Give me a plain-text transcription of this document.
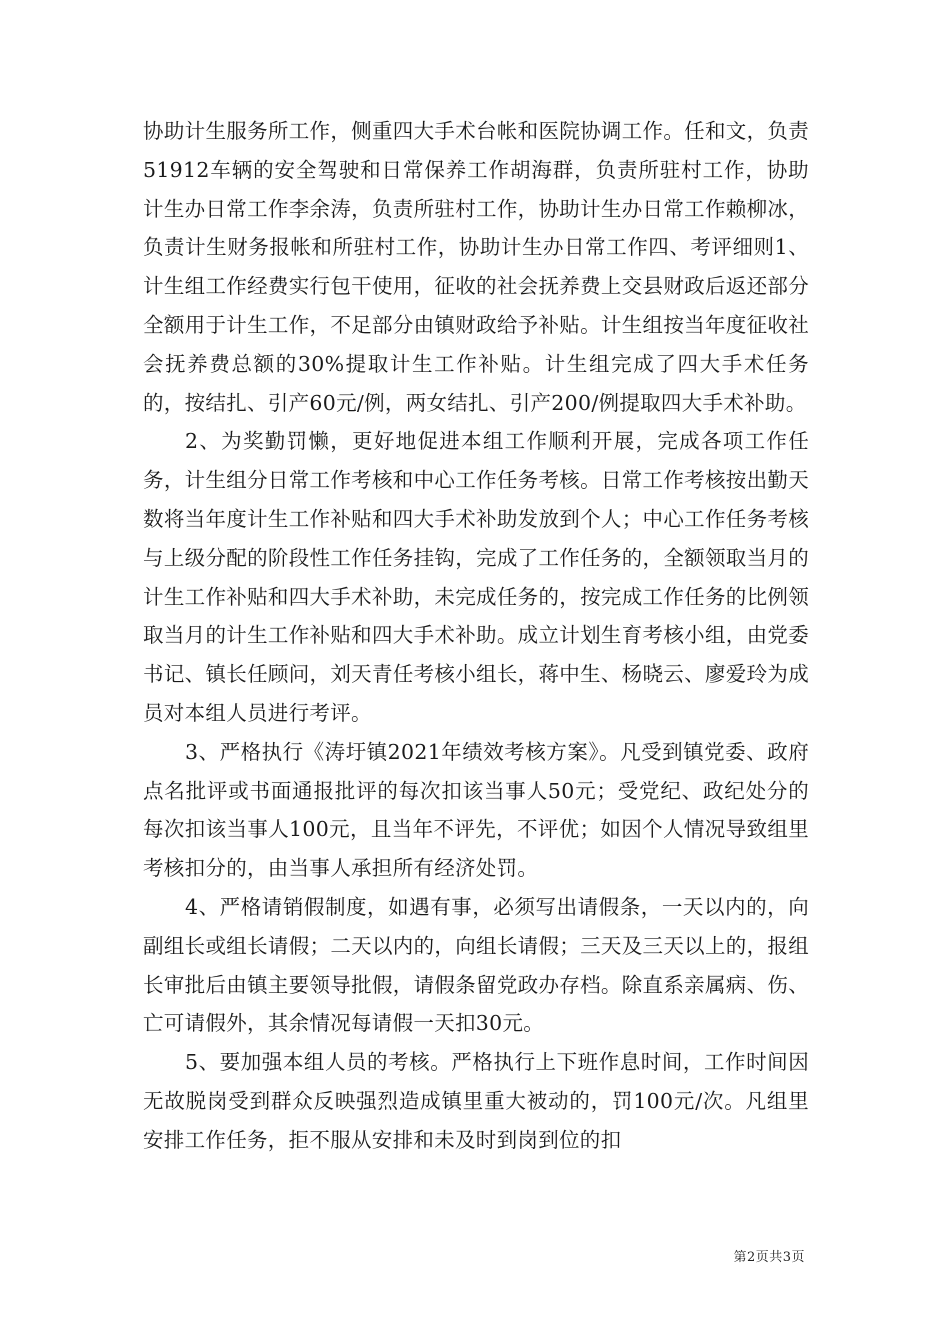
协助计生服务所工作，侧重四大手术台帐和医院协调工作。任和文，负责51912车辆的安全驾驶和日常保养工作胡海群，负责所驻村工作，协助计生办日常工作李余涛，负责所驻村工作，协助计生办日常工作赖柳冰，负责计生财务报帐和所驻村工作，协助计生办日常工作四、考评细则1、计生组工作经费实行包干使用，征收的社会抚养费上交县财政后返还部分全额用于计生工作，不足部分由镇财政给予补贴。计生组按当年度征收社会抚养费总额的30%提取计生工作补贴。计生组完成了四大手术任务的，按结扎、引产60元/例，两女结扎、引产200/例提取四大手术补助。

2、为奖勤罚懒，更好地促进本组工作顺利开展，完成各项工作任务，计生组分日常工作考核和中心工作任务考核。日常工作考核按出勤天数将当年度计生工作补贴和四大手术补助发放到个人；中心工作任务考核与上级分配的阶段性工作任务挂钩，完成了工作任务的，全额领取当月的计生工作补贴和四大手术补助，未完成任务的，按完成工作任务的比例领取当月的计生工作补贴和四大手术补助。成立计划生育考核小组，由党委书记、镇长任顾问，刘天青任考核小组长，蒋中生、杨晓云、廖爱玲为成员对本组人员进行考评。

3、严格执行《涛圩镇2021年绩效考核方案》。凡受到镇党委、政府点名批评或书面通报批评的每次扣该当事人50元；受党纪、政纪处分的每次扣该当事人100元，且当年不评先，不评优；如因个人情况导致组里考核扣分的，由当事人承担所有经济处罚。

4、严格请销假制度，如遇有事，必须写出请假条，一天以内的，向副组长或组长请假；二天以内的，向组长请假；三天及三天以上的，报组长审批后由镇主要领导批假，请假条留党政办存档。除直系亲属病、伤、亡可请假外，其余情况每请假一天扣30元。

5、要加强本组人员的考核。严格执行上下班作息时间，工作时间因无故脱岗受到群众反映强烈造成镇里重大被动的，罚100元/次。凡组里安排工作任务，拒不服从安排和未及时到岗到位的扣

第2页共3页
